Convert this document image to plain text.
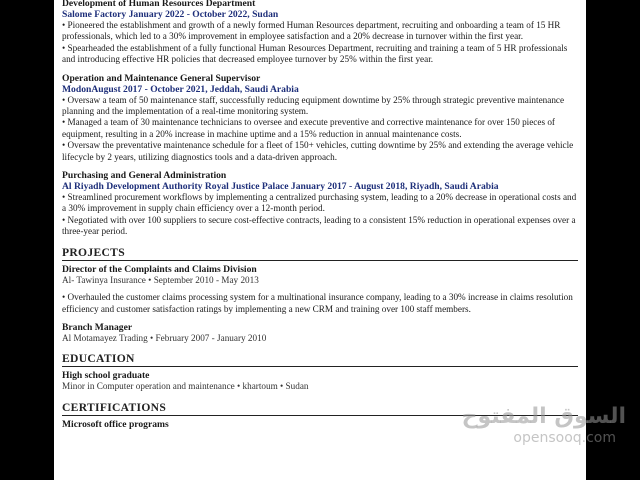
Development of Human Resources Department
Salome Factory January 2022 - October 2022, Sudan
• Pioneered the establishment and growth of a newly formed Human Resources department, recruiting and onboarding a team of 15 HR professionals, which led to a 30% improvement in employee satisfaction and a 20% decrease in turnover within the first year.
• Spearheaded the establishment of a fully functional Human Resources Department, recruiting and training a team of 5 HR professionals and introducing effective HR policies that decreased employee turnover by 25% within the first year.
Operation and Maintenance General Supervisor
ModonAugust 2017 - October 2021, Jeddah, Saudi Arabia
• Oversaw a team of 50 maintenance staff, successfully reducing equipment downtime by 25% through strategic preventive maintenance planning and the implementation of a real-time monitoring system.
• Managed a team of 30 maintenance technicians to oversee and execute preventive and corrective maintenance for over 150 pieces of equipment, resulting in a 20% increase in machine uptime and a 15% reduction in annual maintenance costs.
• Oversaw the preventative maintenance schedule for a fleet of 150+ vehicles, cutting downtime by 25% and extending the average vehicle lifecycle by 2 years, utilizing diagnostics tools and a data-driven approach.
Purchasing and General Administration
Al Riyadh Development Authority Royal Justice Palace January 2017 - August 2018, Riyadh, Saudi Arabia
• Streamlined procurement workflows by implementing a centralized purchasing system, leading to a 20% decrease in operational costs and a 30% improvement in supply chain efficiency over a 12-month period.
• Negotiated with over 100 suppliers to secure cost-effective contracts, leading to a consistent 15% reduction in operational expenses over a three-year period.
PROJECTS
Director of the Complaints and Claims Division
Al- Tawinya Insurance • September 2010 - May 2013
• Overhauled the customer claims processing system for a multinational insurance company, leading to a 30% increase in claims resolution efficiency and customer satisfaction ratings by implementing a new CRM and training over 100 staff members.
Branch Manager
Al Motamayez Trading • February 2007 - January 2010
EDUCATION
High school graduate
Minor in Computer operation and maintenance • khartoum • Sudan
CERTIFICATIONS
Microsoft office programs	السوق المفتوح
opensooq.com
